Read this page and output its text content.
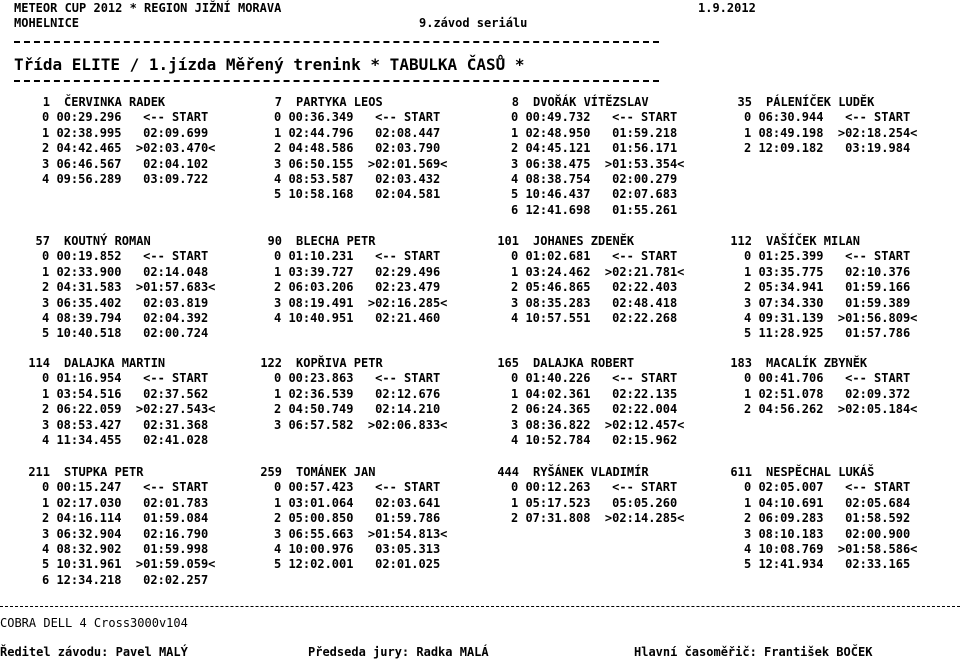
METEOR CUP 2012 * REGION JIŽNÍ MORAVA	1.9.2012
MOHELNICE	9.závod seriálu
Třída ELITE / 1.jízda Měřený trenink * TABULKA ČASŮ *
1 ČERVINKA RADEK
0 00:29.296   <-- START
1 02:38.995   02:09.699
2 04:42.465  >02:03.470<
3 06:46.567   02:04.102
4 09:56.289   03:09.722
7 PARTYKA LEOS
0 00:36.349   <-- START
1 02:44.796   02:08.447
2 04:48.586   02:03.790
3 06:50.155  >02:01.569<
4 08:53.587   02:03.432
5 10:58.168   02:04.581
8 DVOŘÁK VÍTĚZSLAV
0 00:49.732   <-- START
1 02:48.950   01:59.218
2 04:45.121   01:56.171
3 06:38.475  >01:53.354<
4 08:38.754   02:00.279
5 10:46.437   02:07.683
6 12:41.698   01:55.261
35 PÁLENÍČEK LUDĚK
0 06:30.944   <-- START
1 08:49.198  >02:18.254<
2 12:09.182   03:19.984
57 KOUTNÝ ROMAN
0 00:19.852   <-- START
1 02:33.900   02:14.048
2 04:31.583  >01:57.683<
3 06:35.402   02:03.819
4 08:39.794   02:04.392
5 10:40.518   02:00.724
90 BLECHA PETR
0 01:10.231   <-- START
1 03:39.727   02:29.496
2 06:03.206   02:23.479
3 08:19.491  >02:16.285<
4 10:40.951   02:21.460
101 JOHANES ZDENĚK
0 01:02.681   <-- START
1 03:24.462  >02:21.781<
2 05:46.865   02:22.403
3 08:35.283   02:48.418
4 10:57.551   02:22.268
112 VAŠÍČEK MILAN
0 01:25.399   <-- START
1 03:35.775   02:10.376
2 05:34.941   01:59.166
3 07:34.330   01:59.389
4 09:31.139  >01:56.809<
5 11:28.925   01:57.786
114 DALAJKA MARTIN
0 01:16.954   <-- START
1 03:54.516   02:37.562
2 06:22.059  >02:27.543<
3 08:53.427   02:31.368
4 11:34.455   02:41.028
122 KOPŘIVA PETR
0 00:23.863   <-- START
1 02:36.539   02:12.676
2 04:50.749   02:14.210
3 06:57.582  >02:06.833<
165 DALAJKA ROBERT
0 01:40.226   <-- START
1 04:02.361   02:22.135
2 06:24.365   02:22.004
3 08:36.822  >02:12.457<
4 10:52.784   02:15.962
183 MACALÍK ZBYNĚK
0 00:41.706   <-- START
1 02:51.078   02:09.372
2 04:56.262  >02:05.184<
211 STUPKA PETR
0 00:15.247   <-- START
1 02:17.030   02:01.783
2 04:16.114   01:59.084
3 06:32.904   02:16.790
4 08:32.902   01:59.998
5 10:31.961  >01:59.059<
6 12:34.218   02:02.257
259 TOMÁNEK JAN
0 00:57.423   <-- START
1 03:01.064   02:03.641
2 05:00.850   01:59.786
3 06:55.663  >01:54.813<
4 10:00.976   03:05.313
5 12:02.001   02:01.025
444 RYŠÁNEK VLADIMÍR
0 00:12.263   <-- START
1 05:17.523   05:05.260
2 07:31.808  >02:14.285<
611 NESPĚCHAL LUKÁŠ
0 02:05.007   <-- START
1 04:10.691   02:05.684
2 06:09.283   01:58.592
3 08:10.183   02:00.900
4 10:08.769  >01:58.586<
5 12:41.934   02:33.165
COBRA DELL 4 Cross3000v104
Ředitel závodu: Pavel MALÝ	Předseda jury: Radka MALÁ	Hlavní časoměřič: František BOČEK
